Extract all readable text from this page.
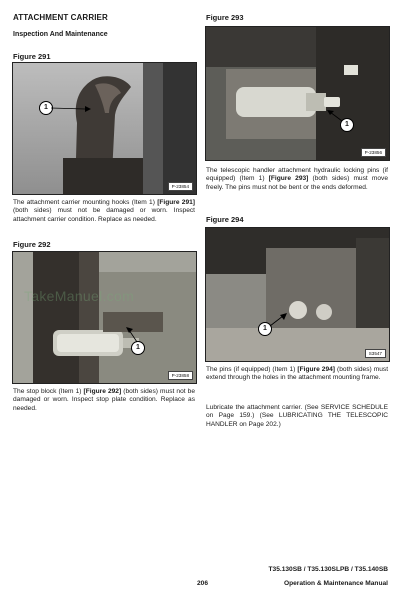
ATTACHMENT CARRIER
Inspection And Maintenance
Figure 291
1
P-23854
The attachment carrier mounting hooks (Item 1) [Figure 291] (both sides) must not be damaged or worn. Inspect attachment carrier condition. Replace as needed.
Figure 292
1
P-23858
TakeManuel.com
The stop block (Item 1) [Figure 292] (both sides) must not be damaged or worn. Inspect stop plate condition. Replace as needed.
Figure 293
1
P-23856
The telescopic handler attachment hydraulic locking pins (if equipped) (Item 1) [Figure 293] (both sides) must move freely. The pins must not be bent or the ends deformed.
Figure 294
1
S3547
The pins (if equipped) (Item 1) [Figure 294] (both sides) must extend through the holes in the attachment mounting frame.
Lubricate the attachment carrier. (See SERVICE SCHEDULE on Page 159.) (See LUBRICATING THE TELESCOPIC HANDLER on Page 202.)
T35.130SB / T35.130SLPB / T35.140SB
206	Operation & Maintenance Manual
